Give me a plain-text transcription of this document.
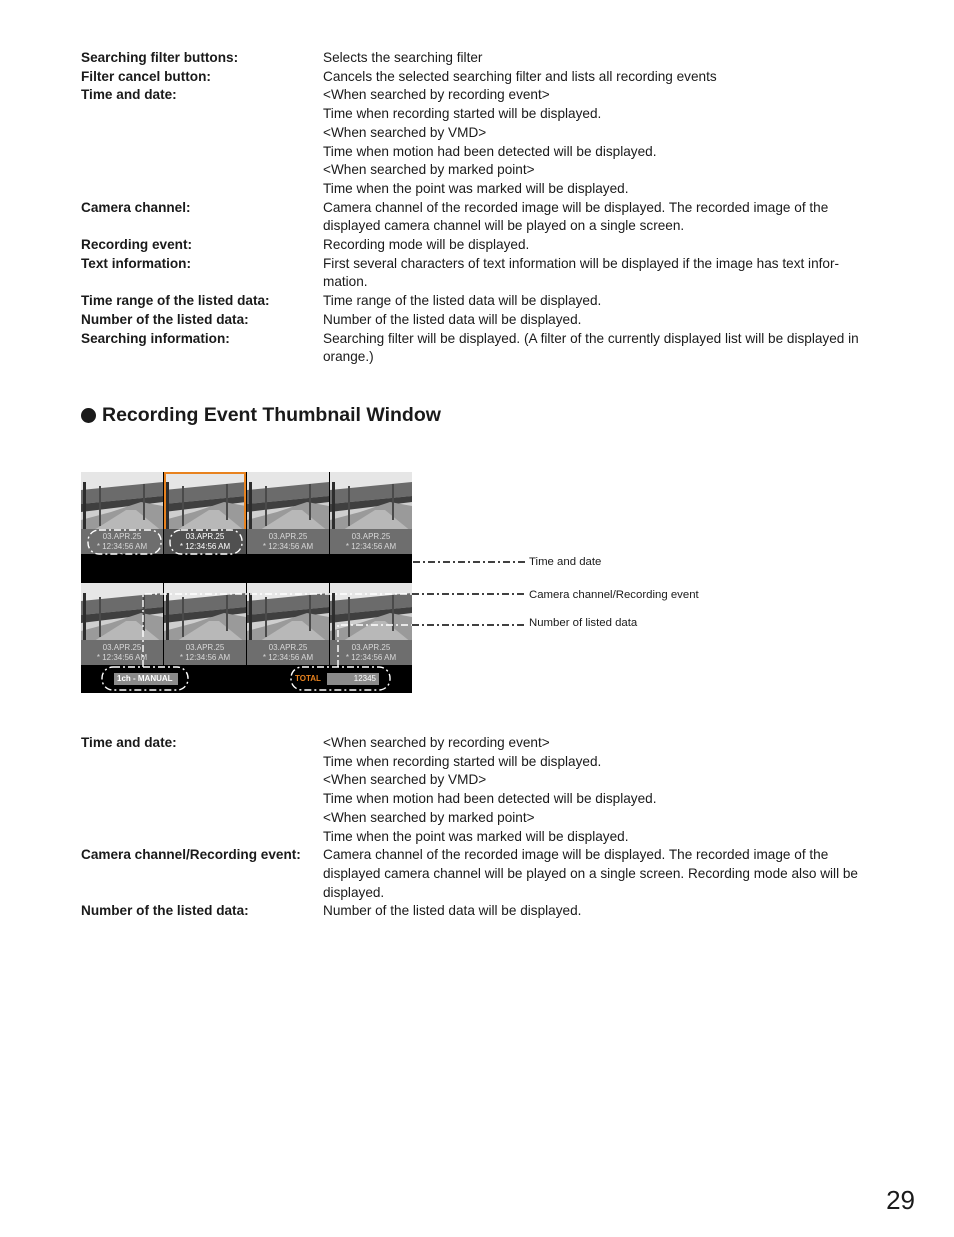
Searching filter buttons:	Selects the searching filter
Filter cancel button:	Cancels the selected searching filter and lists all recording events
Time and date:	<When searched by recording event>
Time when recording started will be displayed.
<When searched by VMD>
Time when motion had been detected will be displayed.
<When searched by marked point>
Time when the point was marked will be displayed.
Camera channel:	Camera channel of the recorded image will be displayed. The recorded image of the displayed camera channel will be played on a single screen.
Recording event:	Recording mode will be displayed.
Text information:	First several characters of text information will be displayed if the image has text infor-mation.
Time range of the listed data:	Time range of the listed data will be displayed.
Number of the listed data:	Number of the listed data will be displayed.
Searching information:	Searching filter will be displayed. (A filter of the currently displayed list will be displayed in orange.)
Recording Event Thumbnail Window
03.APR.25
* 12:34:56 AM
03.APR.25
* 12:34:56 AM
03.APR.25
* 12:34:56 AM
03.APR.25
* 12:34:56 AM
03.APR.25
* 12:34:56 AM
03.APR.25
* 12:34:56 AM
03.APR.25
* 12:34:56 AM
03.APR.25
* 12:34:56 AM
1ch - MANUAL	TOTAL	12345
Time and date
Camera channel/Recording event
Number of listed data
Time and date:	<When searched by recording event>
Time when recording started will be displayed.
<When searched by VMD>
Time when motion had been detected will be displayed.
<When searched by marked point>
Time when the point was marked will be displayed.
Camera channel/Recording event:	Camera channel of the recorded image will be displayed. The recorded image of the displayed camera channel will be played on a single screen. Recording mode also will be displayed.
Number of the listed data:	Number of the listed data will be displayed.
29
